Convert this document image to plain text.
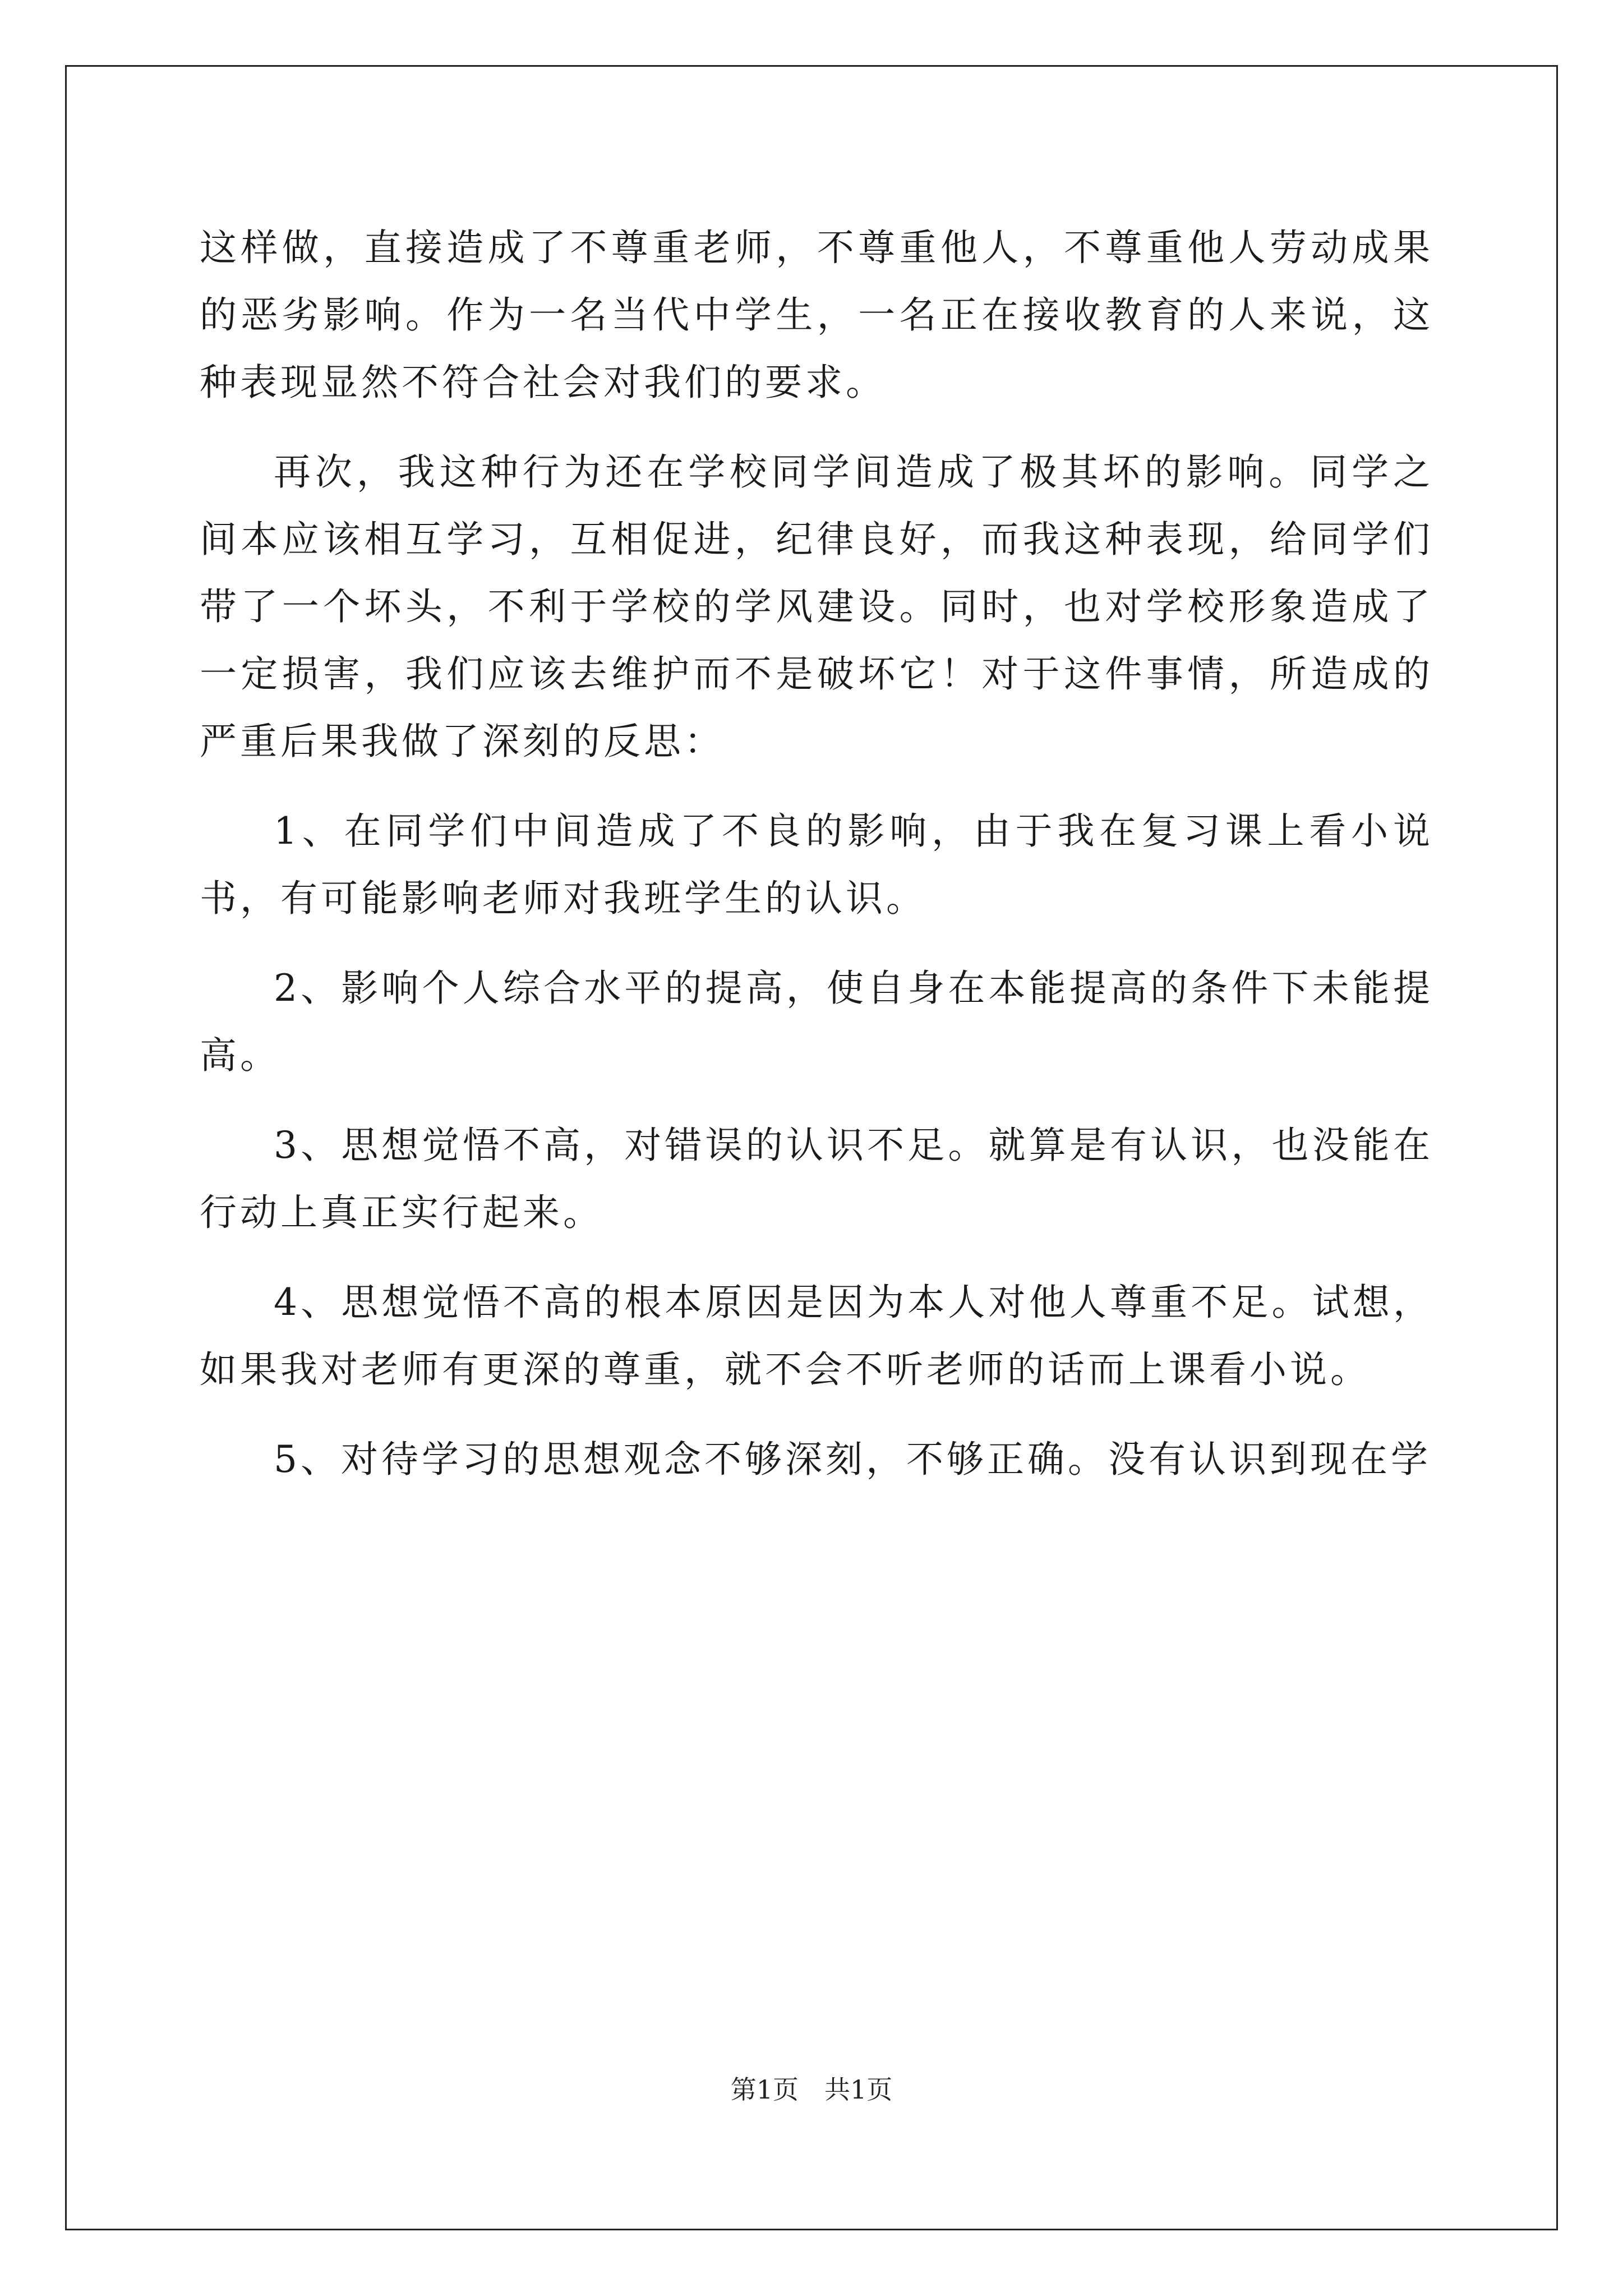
这样做，直接造成了不尊重老师，不尊重他人，不尊重他人劳动成果的恶劣影响。作为一名当代中学生，一名正在接收教育的人来说，这种表现显然不符合社会对我们的要求。

再次，我这种行为还在学校同学间造成了极其坏的影响。同学之间本应该相互学习，互相促进，纪律良好，而我这种表现，给同学们带了一个坏头，不利于学校的学风建设。同时，也对学校形象造成了一定损害，我们应该去维护而不是破坏它！对于这件事情，所造成的严重后果我做了深刻的反思：

1、在同学们中间造成了不良的影响，由于我在复习课上看小说书，有可能影响老师对我班学生的认识。

2、影响个人综合水平的提高，使自身在本能提高的条件下未能提高。

3、思想觉悟不高，对错误的认识不足。就算是有认识，也没能在行动上真正实行起来。

4、思想觉悟不高的根本原因是因为本人对他人尊重不足。试想，如果我对老师有更深的尊重，就不会不听老师的话而上课看小说。

5、对待学习的思想观念不够深刻，不够正确。没有认识到现在学

第1页 共1页
